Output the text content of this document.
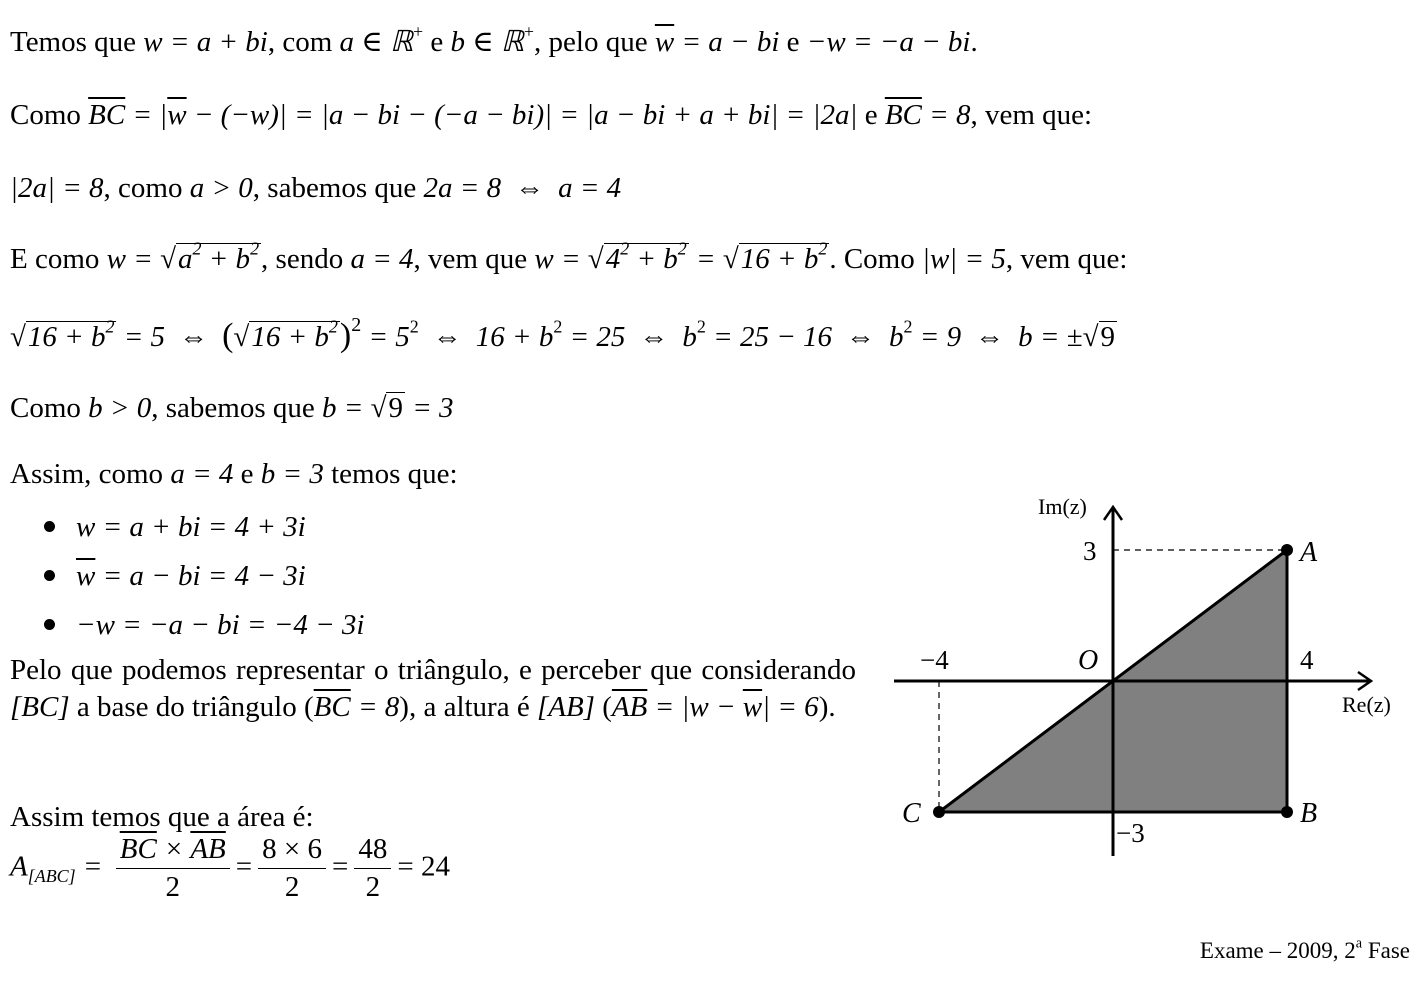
Temos que w = a + bi, com a ∈ ℝ+ e b ∈ ℝ+, pelo que $\overline{w} = a$ − bi e −w = −a − bi.
Como $\overline{BC} = |\overline{w} - (-w)| = |a$ − bi − (−a − bi)| = |a − bi + a + bi| = |2a| e $\overline{BC} = 8$, vem que:
|2a| = 8, como a > 0, sabemos que 2a = 8 ⇔ a = 4
E como $w = √a^2 + b^2$, sendo a = 4, vem que $w = √4^2 + b^2 = √16 + b^2$. Como |w| = 5, vem que:
$√16 + b^2 = 5$ ⇔ $(√16 + b^2)^2 = 5^2$ ⇔ $16 + b^2 = 25$ ⇔ $b^2 = 25 - 16$ ⇔ $b^2 = 9$ ⇔ b = ±√9
Como b > 0, sabemos que b = √9 = 3
Assim, como a = 4 e b = 3 temos que:
w = a + bi = 4 + 3i
$\overline{w} = a$ − bi = 4 − 3i
−w = −a − bi = −4 − 3i
Pelo que podemos representar o triângulo, e perceber que considerando [BC] a base do triângulo $(\overline{BC} = 8)$, a altura é [AB] $(\overline{AB} = |w - \overline{w}| = 6)$.
Assim temos que a área é:
$A_{[ABC]} = \frac{\overline{BC} \times \overline{AB}}{2} = \frac{8 \times 6}{2} = \frac{48}{2} = 24$
Im(z)
Re(z)
O
−4	4
3
−3
A
B
C
Exame – 2009, 2$^a$ Fase
